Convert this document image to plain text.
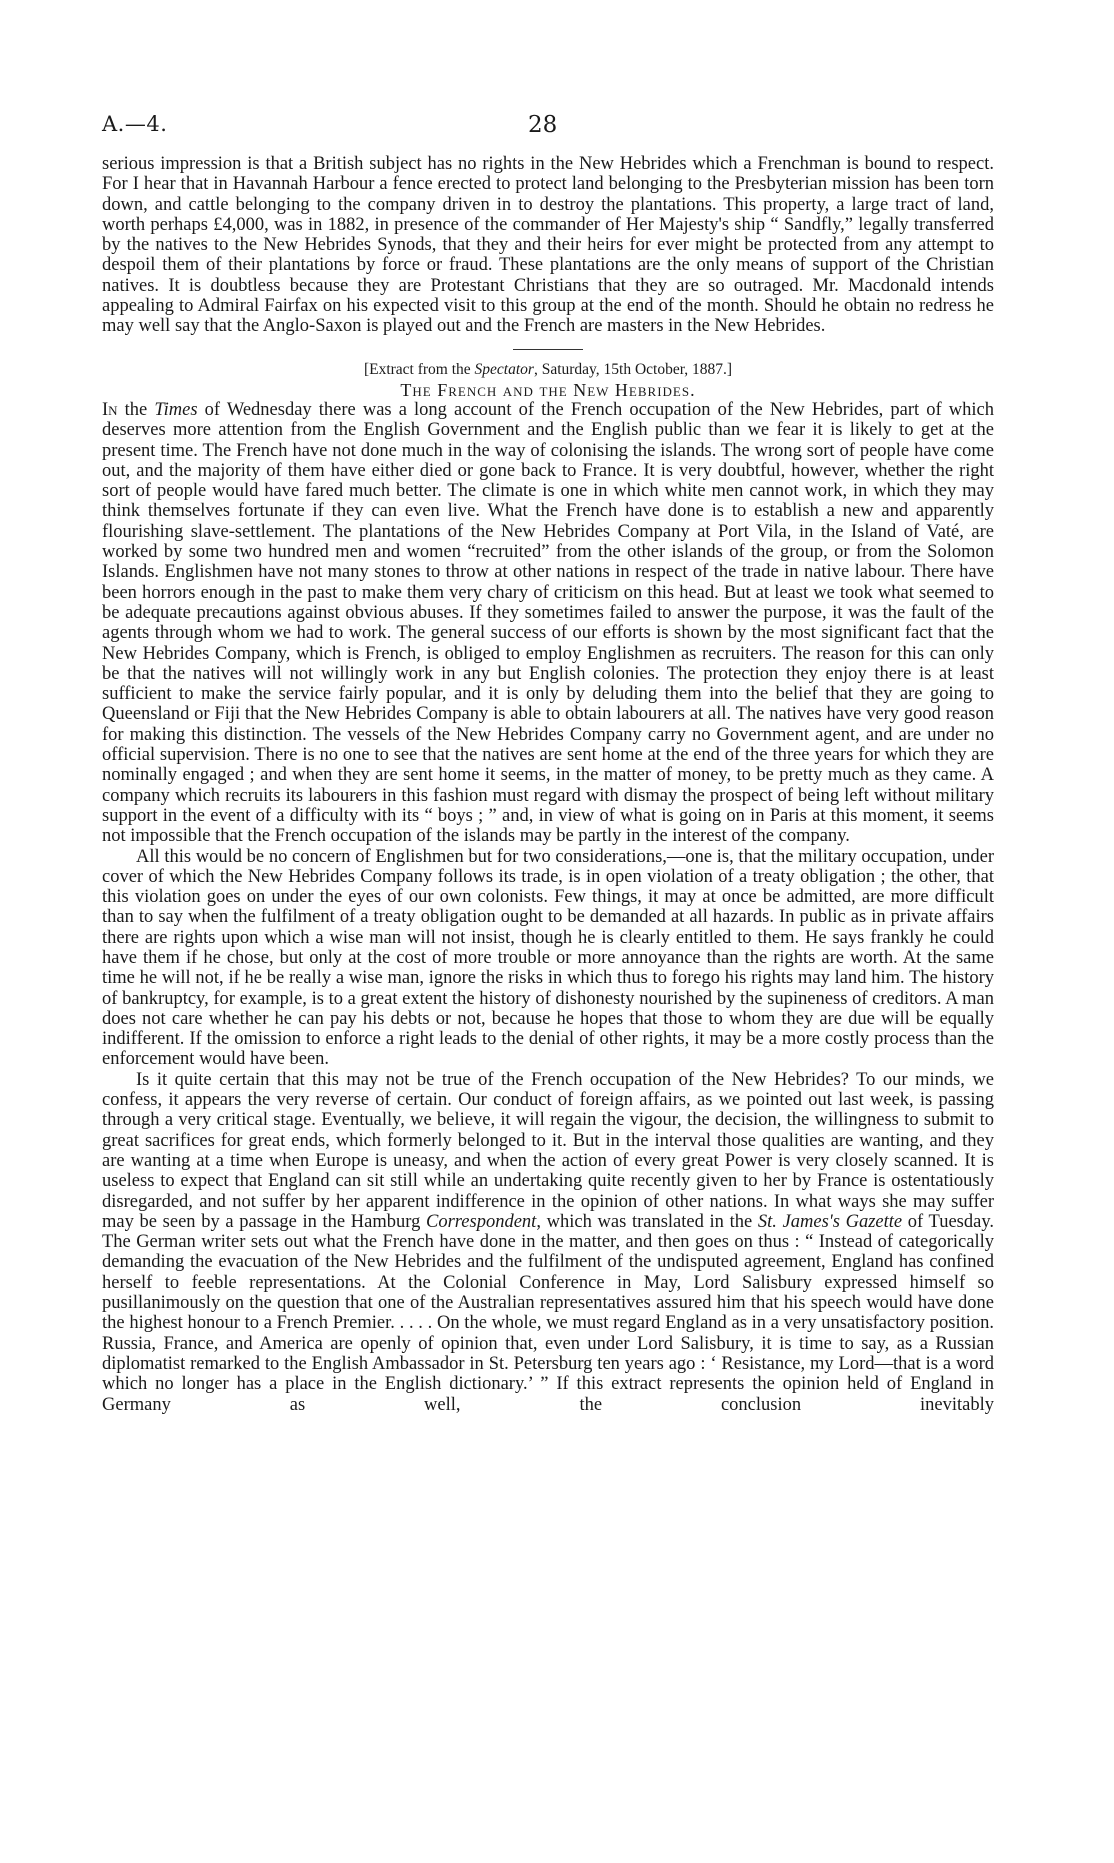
A.—4.	28

serious impression is that a British subject has no rights in the New Hebrides which a Frenchman is bound to respect. For I hear that in Havannah Harbour a fence erected to protect land belonging to the Presbyterian mission has been torn down, and cattle belonging to the company driven in to destroy the plantations. This property, a large tract of land, worth perhaps £4,000, was in 1882, in presence of the commander of Her Majesty's ship “ Sandfly,” legally transferred by the natives to the New Hebrides Synods, that they and their heirs for ever might be protected from any attempt to despoil them of their plantations by force or fraud. These plantations are the only means of support of the Christian natives. It is doubtless because they are Protestant Christians that they are so outraged. Mr. Macdonald intends appealing to Admiral Fairfax on his expected visit to this group at the end of the month. Should he obtain no redress he may well say that the Anglo-Saxon is played out and the French are masters in the New Hebrides.

[Extract from the Spectator, Saturday, 15th October, 1887.]

The French and the New Hebrides.

In the Times of Wednesday there was a long account of the French occupation of the New Hebrides, part of which deserves more attention from the English Government and the English public than we fear it is likely to get at the present time. The French have not done much in the way of colonising the islands. The wrong sort of people have come out, and the majority of them have either died or gone back to France. It is very doubtful, however, whether the right sort of people would have fared much better. The climate is one in which white men cannot work, in which they may think themselves fortunate if they can even live. What the French have done is to establish a new and apparently flourishing slave-settlement. The plantations of the New Hebrides Company at Port Vila, in the Island of Vaté, are worked by some two hundred men and women “recruited” from the other islands of the group, or from the Solomon Islands. Englishmen have not many stones to throw at other nations in respect of the trade in native labour. There have been horrors enough in the past to make them very chary of criticism on this head. But at least we took what seemed to be adequate precautions against obvious abuses. If they sometimes failed to answer the purpose, it was the fault of the agents through whom we had to work. The general success of our efforts is shown by the most significant fact that the New Hebrides Company, which is French, is obliged to employ Englishmen as recruiters. The reason for this can only be that the natives will not willingly work in any but English colonies. The protection they enjoy there is at least sufficient to make the service fairly popular, and it is only by deluding them into the belief that they are going to Queensland or Fiji that the New Hebrides Company is able to obtain labourers at all. The natives have very good reason for making this distinction. The vessels of the New Hebrides Company carry no Government agent, and are under no official supervision. There is no one to see that the natives are sent home at the end of the three years for which they are nominally engaged ; and when they are sent home it seems, in the matter of money, to be pretty much as they came. A company which recruits its labourers in this fashion must regard with dismay the prospect of being left without military support in the event of a difficulty with its “ boys ; ” and, in view of what is going on in Paris at this moment, it seems not impossible that the French occupation of the islands may be partly in the interest of the company.

All this would be no concern of Englishmen but for two considerations,—one is, that the military occupation, under cover of which the New Hebrides Company follows its trade, is in open violation of a treaty obligation ; the other, that this violation goes on under the eyes of our own colonists. Few things, it may at once be admitted, are more difficult than to say when the fulfilment of a treaty obligation ought to be demanded at all hazards. In public as in private affairs there are rights upon which a wise man will not insist, though he is clearly entitled to them. He says frankly he could have them if he chose, but only at the cost of more trouble or more annoyance than the rights are worth. At the same time he will not, if he be really a wise man, ignore the risks in which thus to forego his rights may land him. The history of bankruptcy, for example, is to a great extent the history of dishonesty nourished by the supineness of creditors. A man does not care whether he can pay his debts or not, because he hopes that those to whom they are due will be equally indifferent. If the omission to enforce a right leads to the denial of other rights, it may be a more costly process than the enforcement would have been.

Is it quite certain that this may not be true of the French occupation of the New Hebrides? To our minds, we confess, it appears the very reverse of certain. Our conduct of foreign affairs, as we pointed out last week, is passing through a very critical stage. Eventually, we believe, it will regain the vigour, the decision, the willingness to submit to great sacrifices for great ends, which formerly belonged to it. But in the interval those qualities are wanting, and they are wanting at a time when Europe is uneasy, and when the action of every great Power is very closely scanned. It is useless to expect that England can sit still while an undertaking quite recently given to her by France is ostentatiously disregarded, and not suffer by her apparent indifference in the opinion of other nations. In what ways she may suffer may be seen by a passage in the Hamburg Correspondent, which was translated in the St. James's Gazette of Tuesday. The German writer sets out what the French have done in the matter, and then goes on thus : “ Instead of categorically demanding the evacuation of the New Hebrides and the fulfilment of the undisputed agreement, England has confined herself to feeble representations. At the Colonial Conference in May, Lord Salisbury expressed himself so pusillanimously on the question that one of the Australian representatives assured him that his speech would have done the highest honour to a French Premier. . . . . On the whole, we must regard England as in a very unsatisfactory position. Russia, France, and America are openly of opinion that, even under Lord Salisbury, it is time to say, as a Russian diplomatist remarked to the English Ambassador in St. Petersburg ten years ago : ‘ Resistance, my Lord—that is a word which no longer has a place in the English dictionary.’ ” If this extract represents the opinion held of England in Germany as well, the conclusion inevitably
